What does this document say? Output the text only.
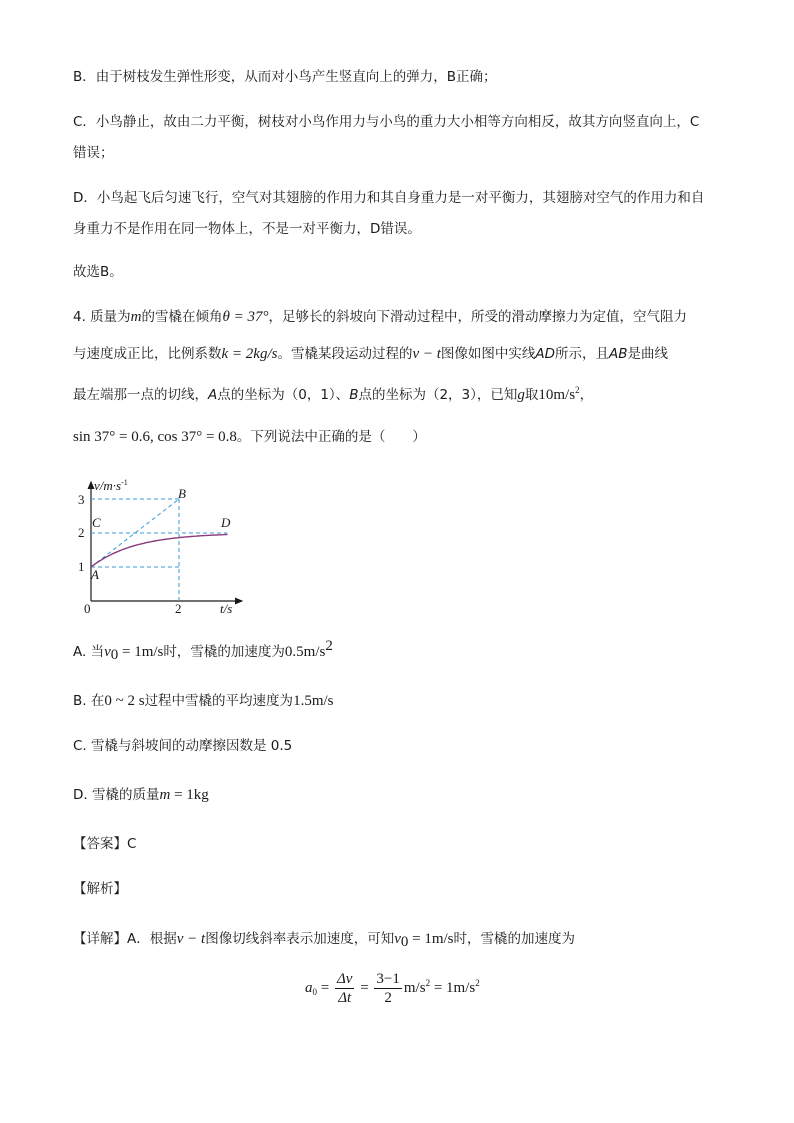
B．由于树枝发生弹性形变，从而对小鸟产生竖直向上的弹力，B正确；
C．小鸟静止，故由二力平衡，树枝对小鸟作用力与小鸟的重力大小相等方向相反，故其方向竖直向上，C
错误；
D．小鸟起飞后匀速飞行，空气对其翅膀的作用力和其自身重力是一对平衡力，其翅膀对空气的作用力和自
身重力不是作用在同一物体上，不是一对平衡力，D错误。
故选B。
4. 质量为m的雪橇在倾角θ = 37°，足够长的斜坡向下滑动过程中，所受的滑动摩擦力为定值，空气阻力
与速度成正比，比例系数k = 2kg/s。雪橇某段运动过程的v − t图像如图中实线AD所示，且AB是曲线
最左端那一点的切线，A点的坐标为（0，1）、B点的坐标为（2，3），已知g取$10m/s^2$，
sin 37° = 0.6, cos 37° = 0.8。下列说法中正确的是（　　）
$v/m\cdot s^{-1}$
t/s
0
1
2
3
2
A
B
C	D
A. 当$v_0 = 1m/s$时，雪橇的加速度为$0.5m/s^2$
B. 在0 ~ 2 s过程中雪橇的平均速度为1.5m/s
C. 雪橇与斜坡间的动摩擦因数是 0.5
D. 雪橇的质量m = 1kg
【答案】C
【解析】
【详解】A．根据v − t图像切线斜率表示加速度，可知$v_0 = 1m/s$时，雪橇的加速度为
$a_0 = \frac{\Delta v}{\Delta t} = \frac{3-1}{2} m/s^2 = 1m/s^2$
